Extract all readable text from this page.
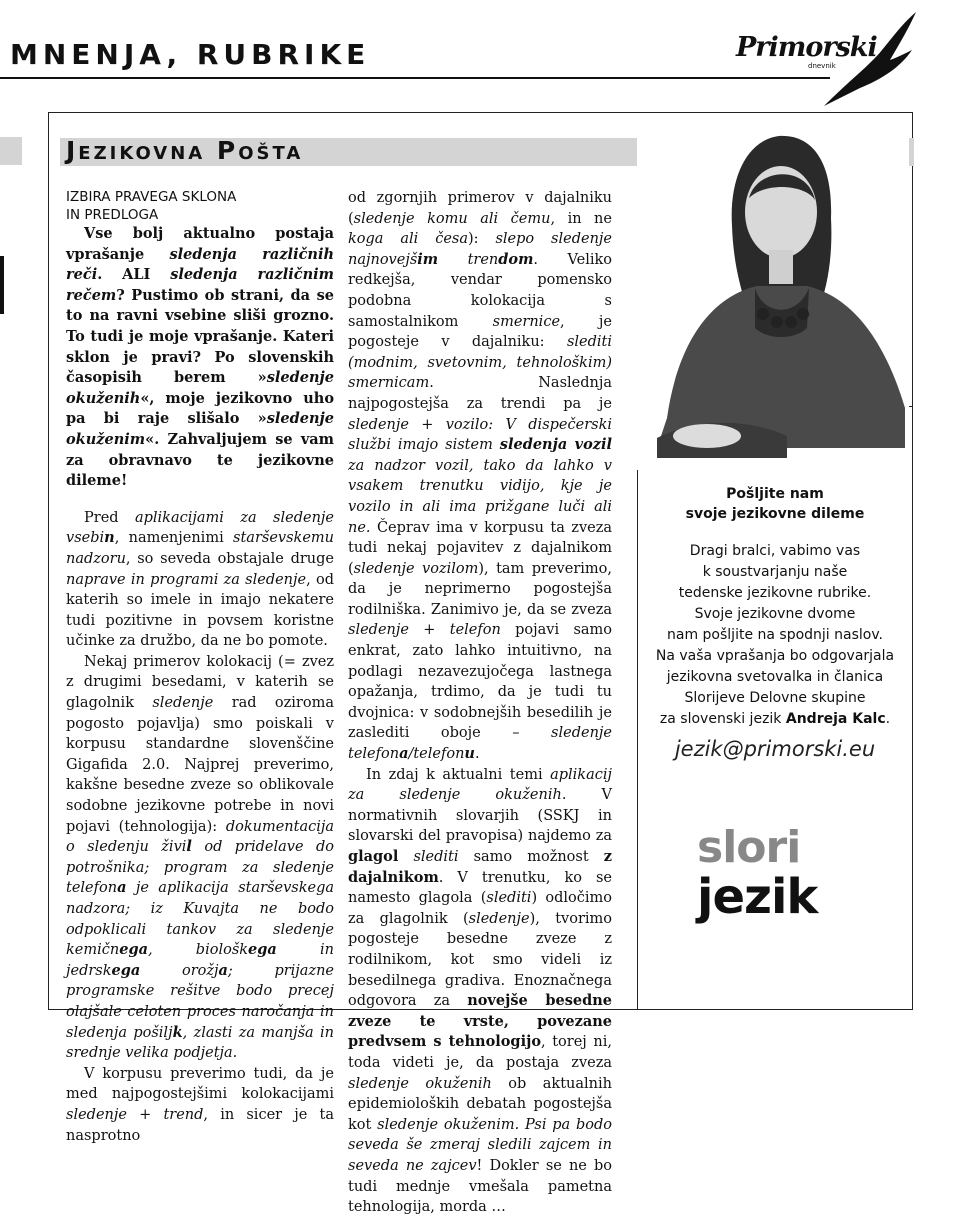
MNENJA, RUBRIKE	Primorski
dnevnik
Jezikovna Pošta
IZBIRA PRAVEGA SKLONA
IN PREDLOGA

Vse bolj aktualno postaja vprašanje sledenja različnih reči. ALI sledenja različnim rečem? Pustimo ob strani, da se to na ravni vsebine sliši grozno. To tudi je moje vprašanje. Kateri sklon je pravi? Po slovenskih časopisih berem »sledenje okuženih«, moje jezikovno uho pa bi raje slišalo »sledenje okuženim«. Zahvaljujem se vam za obravnavo te jezikovne dileme!

Pred aplikacijami za sledenje vsebin, namenjenimi starševskemu nadzoru, so seveda obstajale druge naprave in programi za sledenje, od katerih so imele in imajo nekatere tudi pozitivne in povsem koristne učinke za družbo, da ne bo pomote.

Nekaj primerov kolokacij (= zvez z drugimi besedami, v katerih se glagolnik sledenje rad oziroma pogosto pojavlja) smo poiskali v korpusu standardne slovenščine Gigafida 2.0. Najprej preverimo, kakšne besedne zveze so oblikovale sodobne jezikovne potrebe in novi pojavi (tehnologija): dokumentacija o sledenju živil od pridelave do potrošnika; program za sledenje telefona je aplikacija starševskega nadzora; iz Kuvajta ne bodo odpoklicali tankov za sledenje kemičnega, biološkega in jedrskega orožja; prijazne programske rešitve bodo precej olajšale celoten proces naročanja in sledenja pošiljk, zlasti za manjša in srednje velika podjetja.

V korpusu preverimo tudi, da je med najpogostejšimi kolokacijami sledenje + trend, in sicer je ta nasprotno

od zgornjih primerov v dajalniku (sledenje komu ali čemu, in ne koga ali česa): slepo sledenje najnovejšim trendom. Veliko redkejša, vendar pomensko podobna kolokacija s samostalnikom smernice, je pogosteje v dajalniku: slediti (modnim, svetovnim, tehnološkim) smernicam. Naslednja najpogostejša za trendi pa je sledenje + vozilo: V dispečerski službi imajo sistem sledenja vozil za nadzor vozil, tako da lahko v vsakem trenutku vidijo, kje je vozilo in ali ima prižgane luči ali ne. Čeprav ima v korpusu ta zveza tudi nekaj pojavitev z dajalnikom (sledenje vozilom), tam preverimo, da je neprimerno pogostejša rodilniška. Zanimivo je, da se zveza sledenje + telefon pojavi samo enkrat, zato lahko intuitivno, na podlagi nezavezujočega lastnega opažanja, trdimo, da je tudi tu dvojnica: v sodobnejših besedilih je zaslediti oboje – sledenje telefona/telefonu.

In zdaj k aktualni temi aplikacij za sledenje okuženih. V normativnih slovarjih (SSKJ in slovarski del pravopisa) najdemo za glagol slediti samo možnost z dajalnikom. V trenutku, ko se namesto glagola (slediti) odločimo za glagolnik (sledenje), tvorimo pogosteje besedne zveze z rodilnikom, kot smo videli iz besedilnega gradiva. Enoznačnega odgovora za novejše besedne zveze te vrste, povezane predvsem s tehnologijo, torej ni, toda videti je, da postaja zveza sledenje okuženih ob aktualnih epidemioloških debatah pogostejša kot sledenje okuženim. Psi pa bodo seveda še zmeraj sledili zajcem in seveda ne zajcev! Dokler se ne bo tudi mednje vmešala pametna tehnologija, morda …

Pošljite nam
svoje jezikovne dileme
Dragi bralci, vabimo vas
k soustvarjanju naše
tedenske jezikovne rubrike.
Svoje jezikovne dvome
nam pošljite na spodnji naslov.
Na vaša vprašanja bo odgovarjala
jezikovna svetovalka in članica
Slorijeve Delovne skupine
za slovenski jezik Andreja Kalc.
jezik@primorski.eu
slori
jezik
